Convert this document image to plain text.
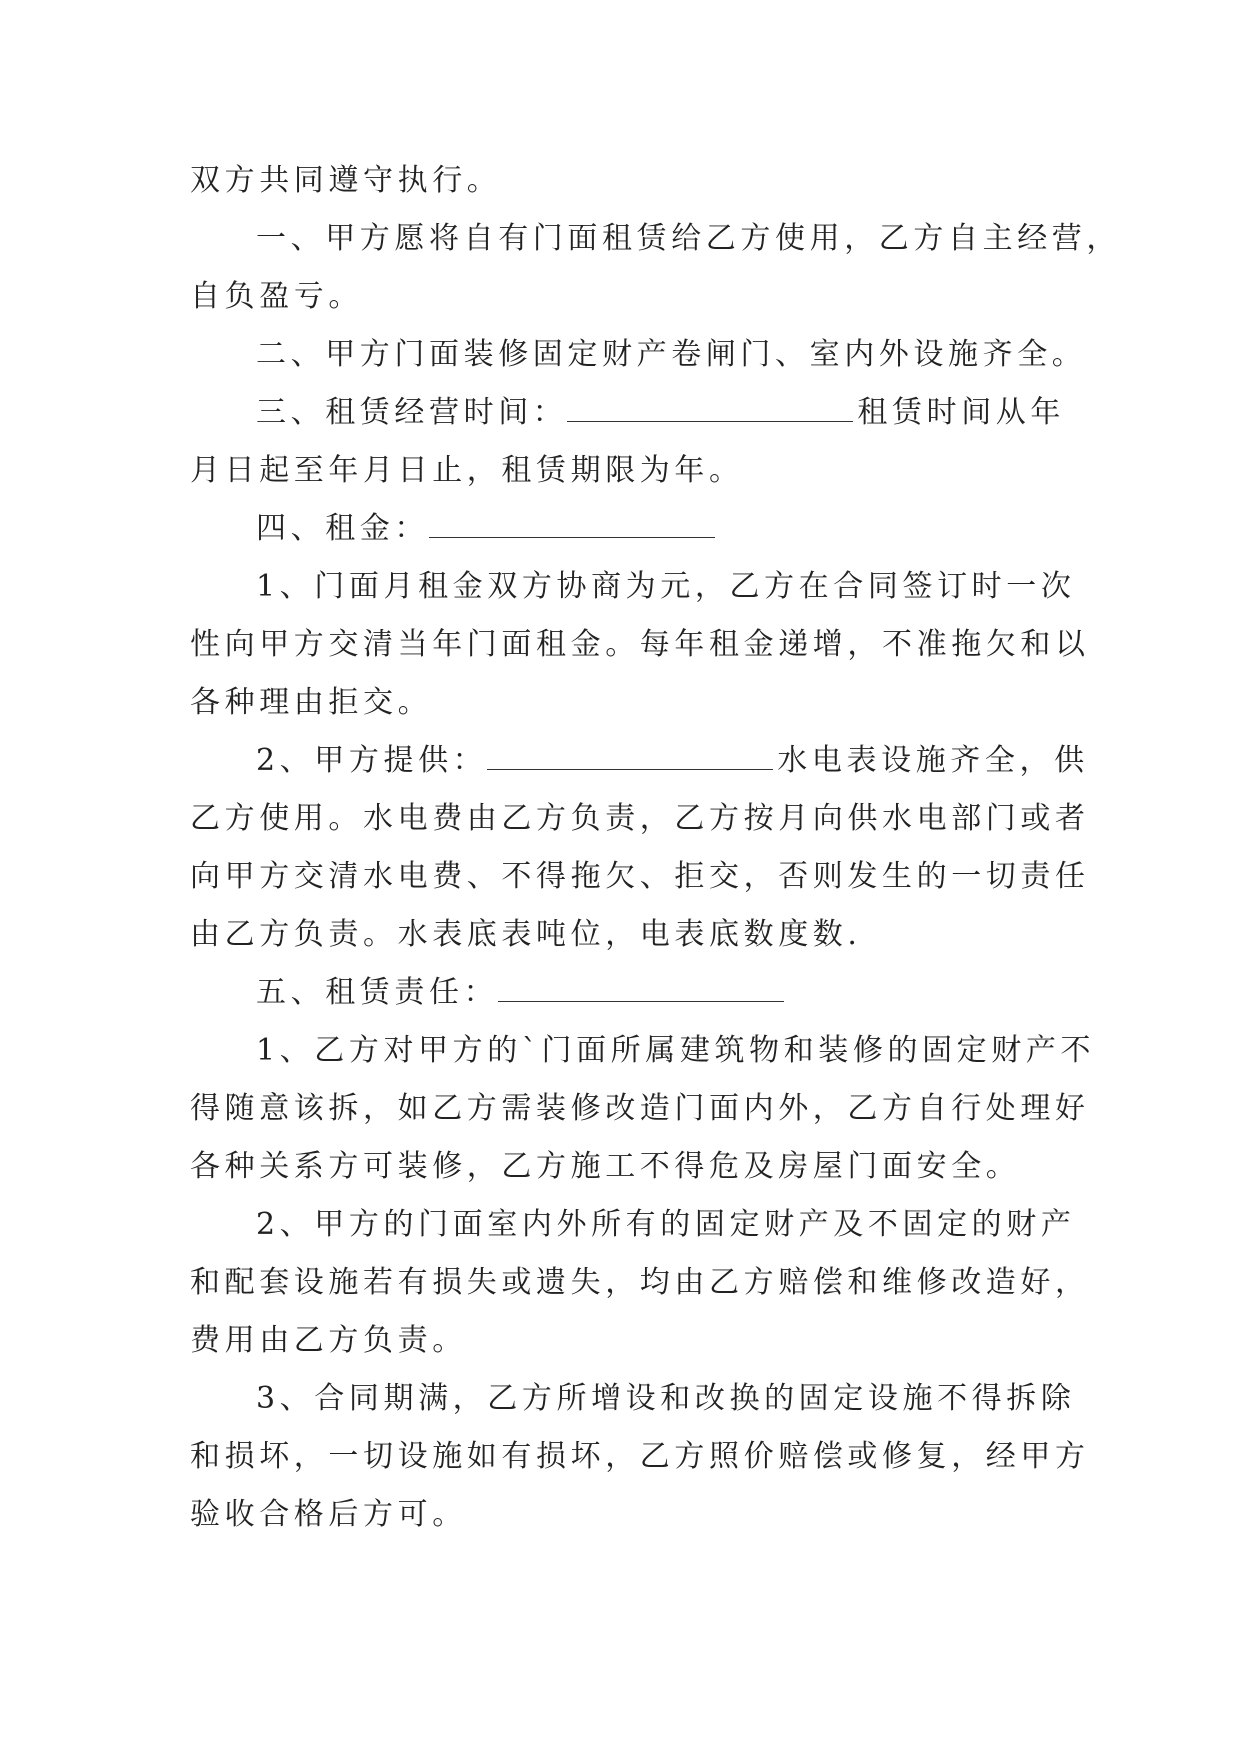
双方共同遵守执行。

一、甲方愿将自有门面租赁给乙方使用，乙方自主经营，

自负盈亏。

二、甲方门面装修固定财产卷闸门、室内外设施齐全。

三、租赁经营时间：	租赁时间从年

月日起至年月日止，租赁期限为年。

四、租金：

1、门面月租金双方协商为元，乙方在合同签订时一次

性向甲方交清当年门面租金。每年租金递增，不准拖欠和以

各种理由拒交。

2、甲方提供：	水电表设施齐全，供

乙方使用。水电费由乙方负责，乙方按月向供水电部门或者

向甲方交清水电费、不得拖欠、拒交，否则发生的一切责任

由乙方负责。水表底表吨位，电表底数度数.

五、租赁责任：

1、乙方对甲方的`门面所属建筑物和装修的固定财产不

得随意该拆，如乙方需装修改造门面内外，乙方自行处理好

各种关系方可装修，乙方施工不得危及房屋门面安全。

2、甲方的门面室内外所有的固定财产及不固定的财产

和配套设施若有损失或遗失，均由乙方赔偿和维修改造好，

费用由乙方负责。

3、合同期满，乙方所增设和改换的固定设施不得拆除

和损坏，一切设施如有损坏，乙方照价赔偿或修复，经甲方

验收合格后方可。
